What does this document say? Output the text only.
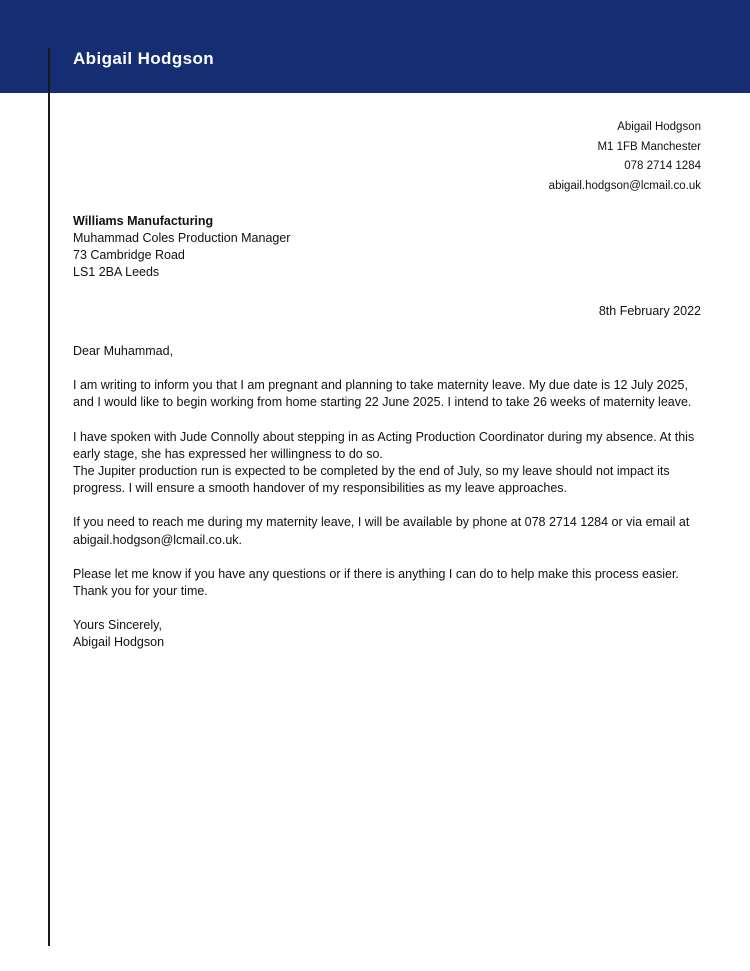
Abigail Hodgson
Abigail Hodgson
M1 1FB Manchester
078 2714 1284
abigail.hodgson@lcmail.co.uk
Williams Manufacturing
Muhammad Coles Production Manager
73 Cambridge Road
LS1 2BA Leeds
8th February 2022

Dear Muhammad,

I am writing to inform you that I am pregnant and planning to take maternity leave. My due date is 12 July 2025, and I would like to begin working from home starting 22 June 2025. I intend to take 26 weeks of maternity leave.

I have spoken with Jude Connolly about stepping in as Acting Production Coordinator during my absence. At this early stage, she has expressed her willingness to do so.
The Jupiter production run is expected to be completed by the end of July, so my leave should not impact its progress. I will ensure a smooth handover of my responsibilities as my leave approaches.

If you need to reach me during my maternity leave, I will be available by phone at 078 2714 1284 or via email at abigail.hodgson@lcmail.co.uk.

Please let me know if you have any questions or if there is anything I can do to help make this process easier. Thank you for your time.

Yours Sincerely,
Abigail Hodgson
